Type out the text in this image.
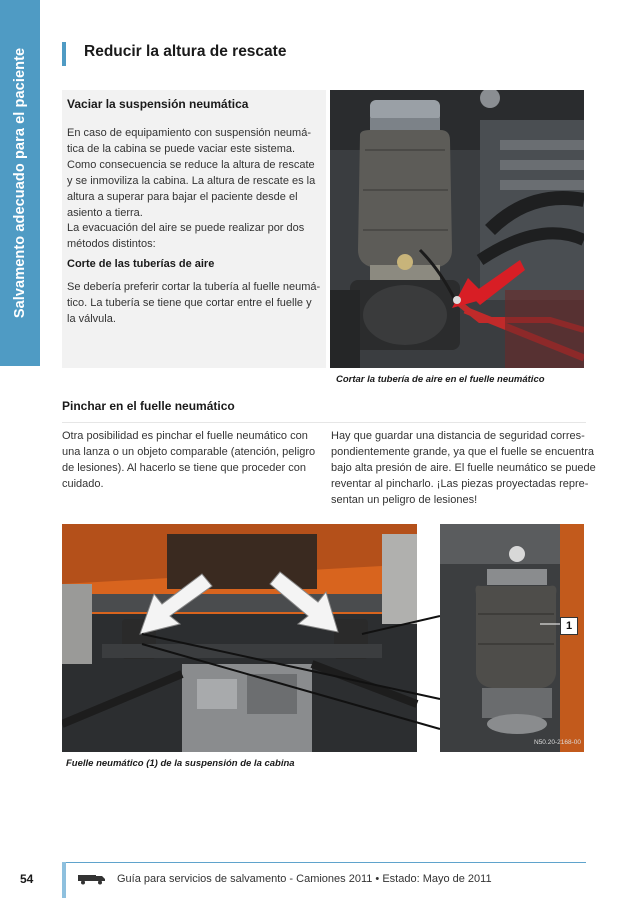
Salvamento adecuado para el paciente	Reducir la altura de rescate
Vaciar la suspensión neumática
En caso de equipamiento con suspensión neumá-
tica de la cabina se puede vaciar este sistema.
Como consecuencia se reduce la altura de rescate
y se inmoviliza la cabina. La altura de rescate es la
altura a superar para bajar el paciente desde el
asiento a tierra.
La evacuación del aire se puede realizar por dos
métodos distintos:
Corte de las tuberías de aire
Se debería preferir cortar la tubería al fuelle neumá-
tico. La tubería se tiene que cortar entre el fuelle y
la válvula.
Cortar la tubería de aire en el fuelle neumático
Pinchar en el fuelle neumático
Otra posibilidad es pinchar el fuelle neumático con
una lanza o un objeto comparable (atención, peligro
de lesiones). Al hacerlo se tiene que proceder con
cuidado.
Hay que guardar una distancia de seguridad corres-
pondientemente grande, ya que el fuelle se encuentra
bajo alta presión de aire. El fuelle neumático se puede
reventar al pincharlo. ¡Las piezas proyectadas repre-
sentan un peligro de lesiones!
1
N50.20-2168-00
Fuelle neumático (1) de la suspensión de la cabina
54	Guía para servicios de salvamento - Camiones 2011 • Estado: Mayo de 2011
